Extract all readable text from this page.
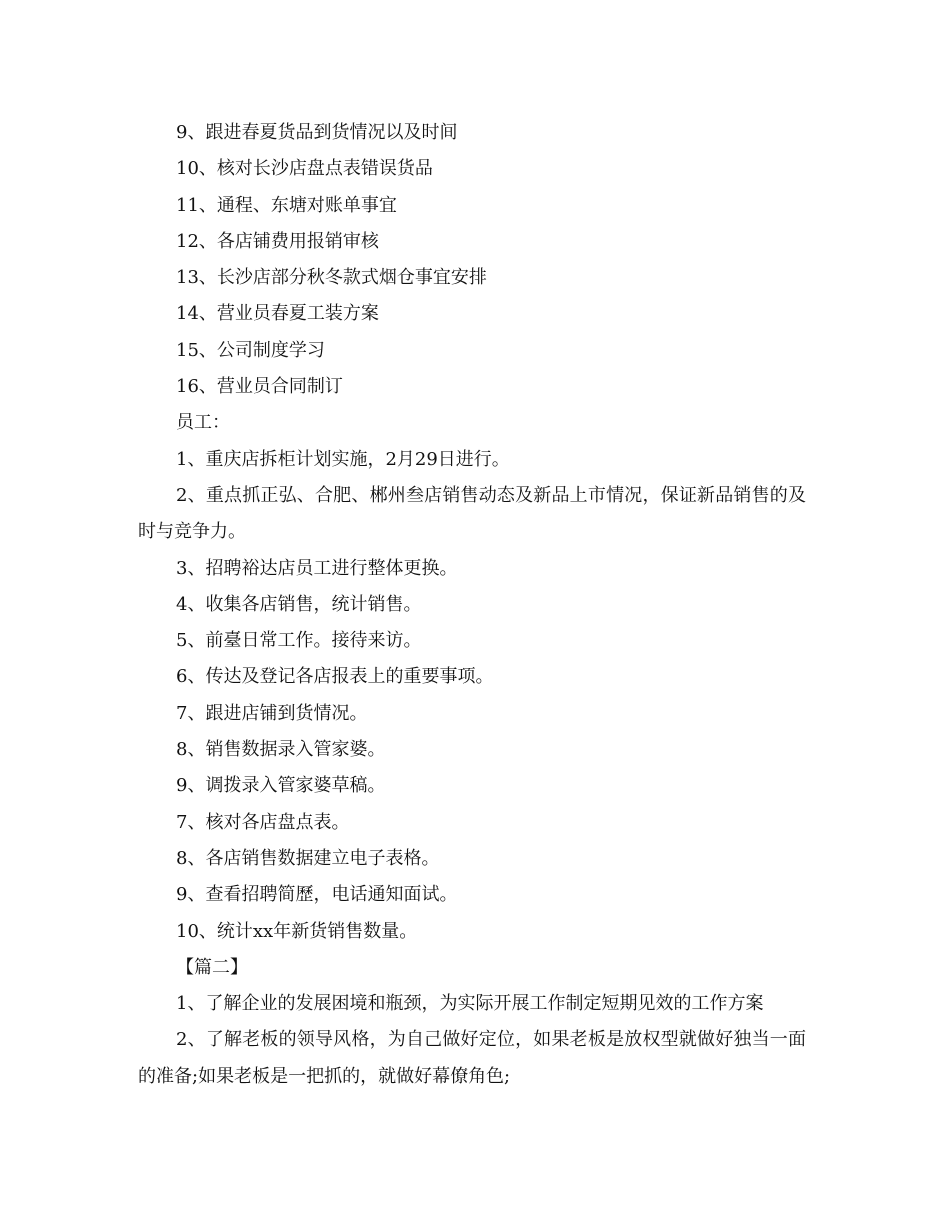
9、跟进春夏货品到货情况以及时间
10、核对长沙店盘点表错误货品
11、通程、东塘对账单事宜
12、各店铺费用报销审核
13、长沙店部分秋冬款式烟仓事宜安排
14、营业员春夏工装方案
15、公司制度学习
16、营业员合同制订
员工：
1、重庆店拆柜计划实施，2月29日进行。
2、重点抓正弘、合肥、郴州叁店销售动态及新品上市情况，保证新品销售的及时与竞争力。
3、招聘裕达店员工进行整体更换。
4、收集各店销售，统计销售。
5、前臺日常工作。接待来访。
6、传达及登记各店报表上的重要事项。
7、跟进店铺到货情况。
8、销售数据录入管家婆。
9、调拨录入管家婆草稿。
7、核对各店盘点表。
8、各店销售数据建立电子表格。
9、查看招聘简歷，电话通知面试。
10、统计xx年新货销售数量。
【篇二】
1、了解企业的发展困境和瓶颈，为实际开展工作制定短期见效的工作方案
2、了解老板的领导风格，为自己做好定位，如果老板是放权型就做好独当一面的准备;如果老板是一把抓的，就做好幕僚角色;
